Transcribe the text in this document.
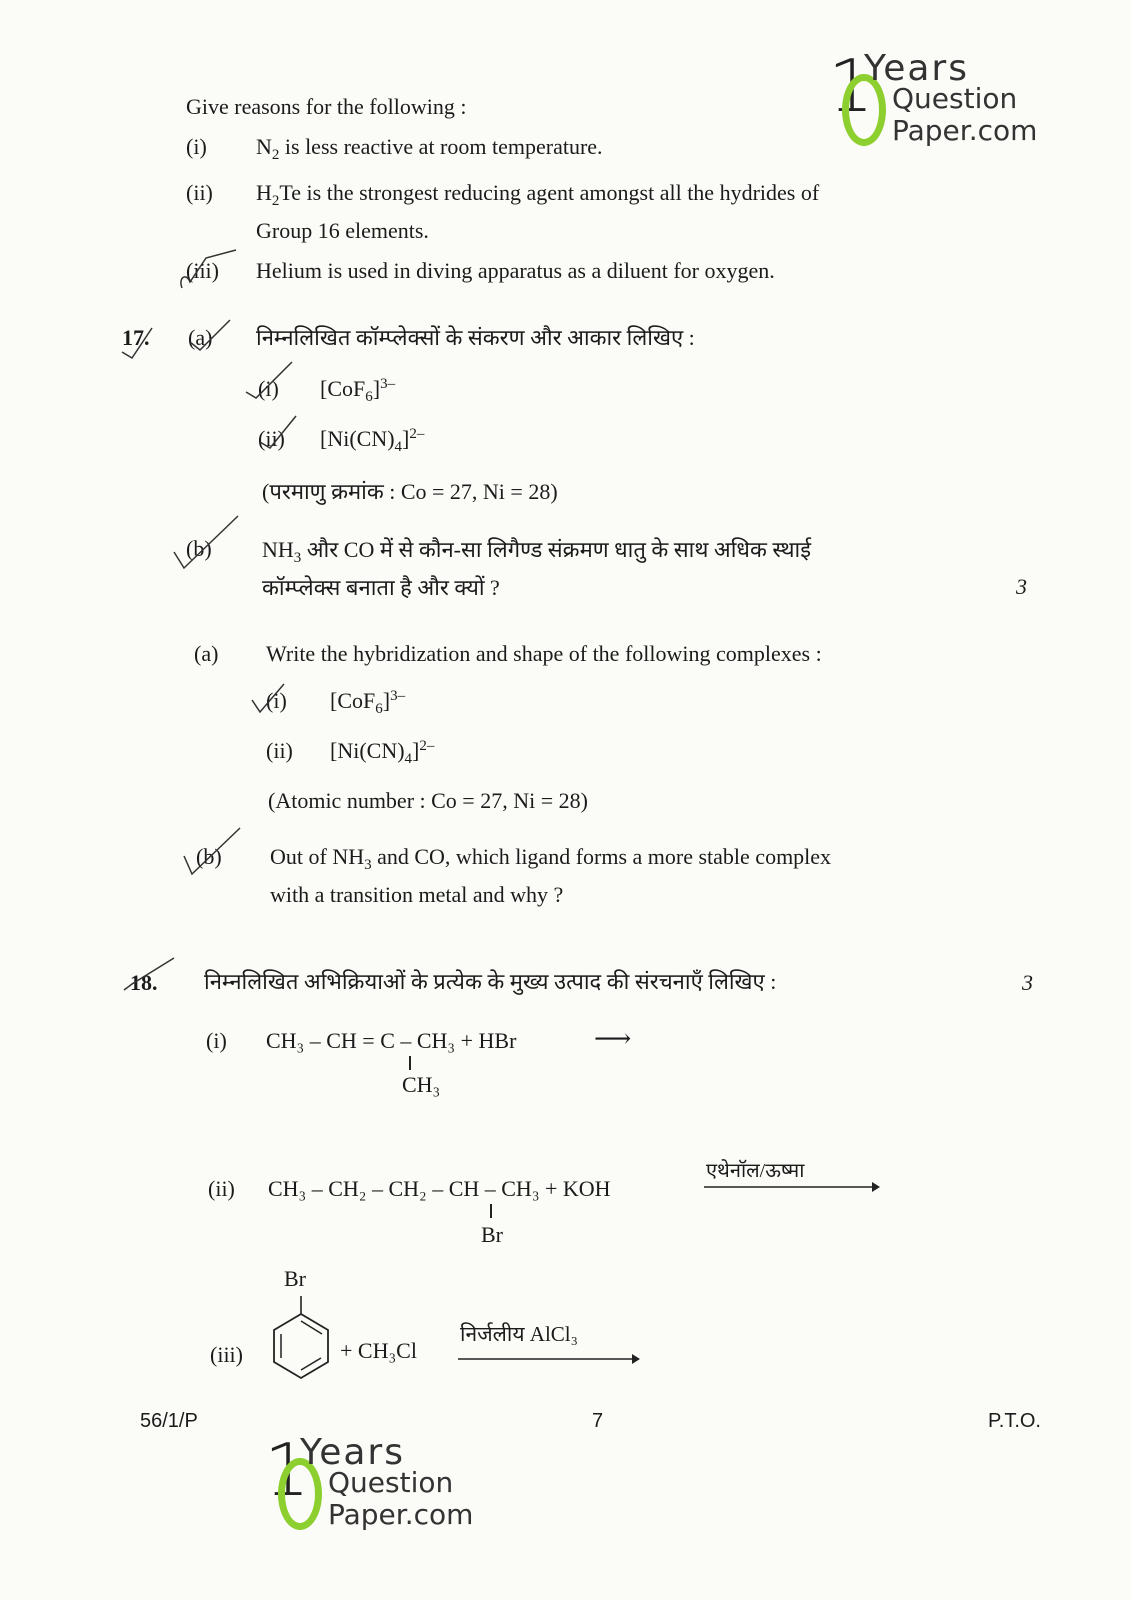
1
Years
Question
Paper.com
Give reasons for the following :
(i) $N_2$ is less reactive at room temperature.
(ii) $H_2Te$ is the strongest reducing agent amongst all the hydrides of
Group 16 elements.
(iii) Helium is used in diving apparatus as a diluent for oxygen.
17. (a) निम्नलिखित कॉम्प्लेक्सों के संकरण और आकार लिखिए :
(i) $[CoF_6]^{3-}$
(ii) $[Ni(CN)_4]^{2-}$
(परमाणु क्रमांक : Co = 27, Ni = 28)
(b) $NH_3$ और CO में से कौन-सा लिगैण्ड संक्रमण धातु के साथ अधिक स्थाई
कॉम्प्लेक्स बनाता है और क्यों ?	3
(a) Write the hybridization and shape of the following complexes :
(i) $[CoF_6]^{3-}$
(ii) $[Ni(CN)_4]^{2-}$
(Atomic number : Co = 27, Ni = 28)
(b) Out of $NH_3$ and CO, which ligand forms a more stable complex
with a transition metal and why ?
18. निम्नलिखित अभिक्रियाओं के प्रत्येक के मुख्य उत्पाद की संरचनाएँ लिखिए :	3
(i) CH₃ – CH = C – CH₃ + HBr	⟶
CH₃
(ii) CH₃ – CH₂ – CH₂ – CH – CH₃ + KOH
Br
एथेनॉल/ऊष्मा
(iii)
Br
+ CH₃Cl
निर्जलीय AlCl₃
56/1/P	7	P.T.O.
1
Years
Question
Paper.com
